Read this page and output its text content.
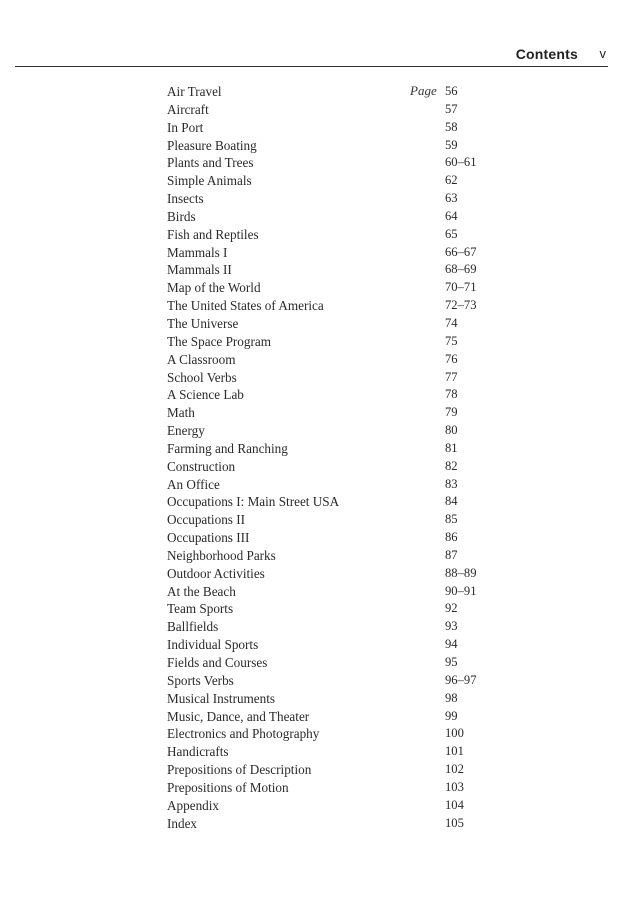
Contents v
Page
Air Travel	56
Aircraft	57
In Port	58
Pleasure Boating	59
Plants and Trees	60–61
Simple Animals	62
Insects	63
Birds	64
Fish and Reptiles	65
Mammals I	66–67
Mammals II	68–69
Map of the World	70–71
The United States of America	72–73
The Universe	74
The Space Program	75
A Classroom	76
School Verbs	77
A Science Lab	78
Math	79
Energy	80
Farming and Ranching	81
Construction	82
An Office	83
Occupations I: Main Street USA	84
Occupations II	85
Occupations III	86
Neighborhood Parks	87
Outdoor Activities	88–89
At the Beach	90–91
Team Sports	92
Ballfields	93
Individual Sports	94
Fields and Courses	95
Sports Verbs	96–97
Musical Instruments	98
Music, Dance, and Theater	99
Electronics and Photography	100
Handicrafts	101
Prepositions of Description	102
Prepositions of Motion	103
Appendix	104
Index	105
